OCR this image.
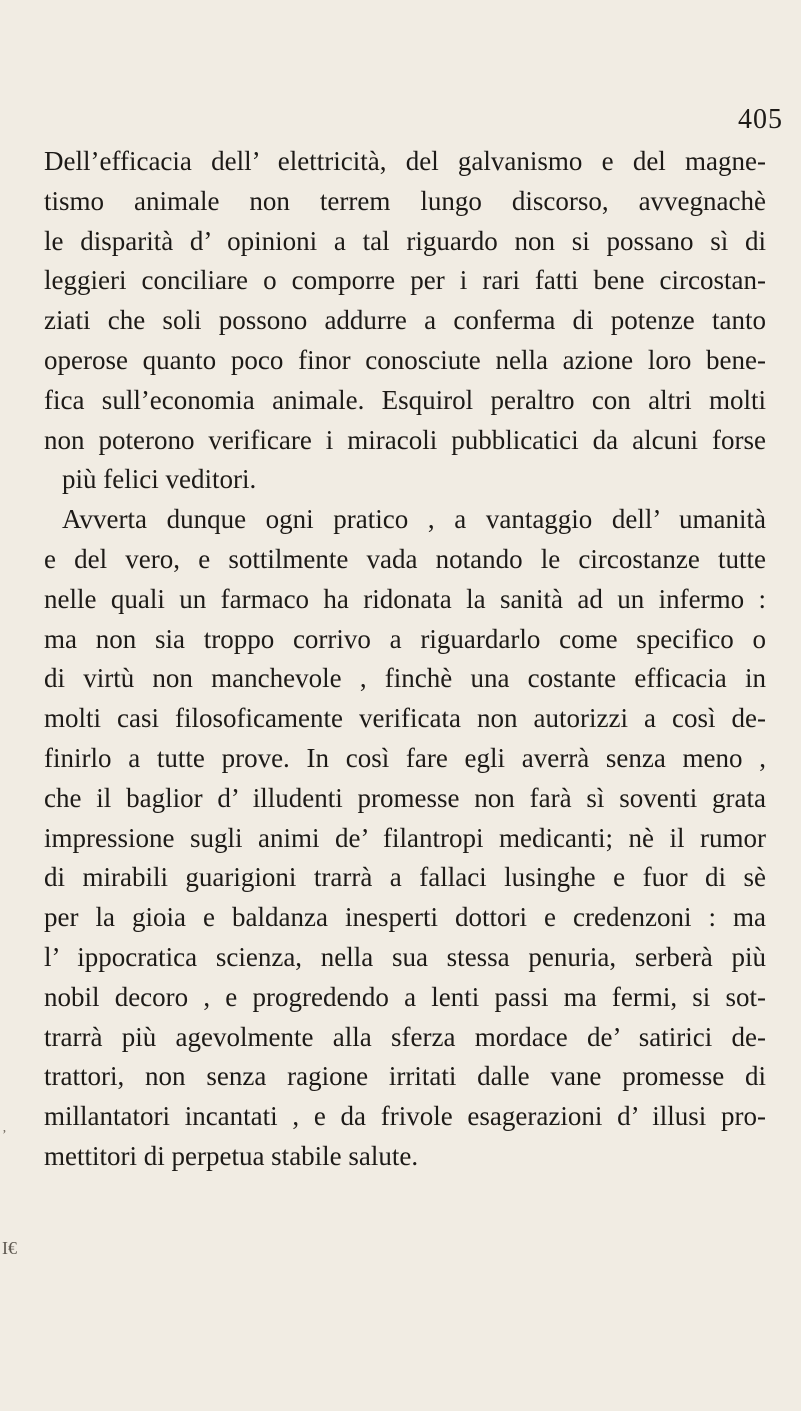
405
Dell’efficacia dell’ elettricità, del galvanismo e del magne-
tismo animale non terrem lungo discorso, avvegnachè
le disparità d’ opinioni a tal riguardo non si possano sì di
leggieri conciliare o comporre per i rari fatti bene circostan-
ziati che soli possono addurre a conferma di potenze tanto
operose quanto poco finor conosciute nella azione loro bene-
fica sull’economia animale. Esquirol peraltro con altri molti
non poterono verificare i miracoli pubblicatici da alcuni forse
più felici veditori.
Avverta dunque ogni pratico , a vantaggio dell’ umanità
e del vero, e sottilmente vada notando le circostanze tutte
nelle quali un farmaco ha ridonata la sanità ad un infermo :
ma non sia troppo corrivo a riguardarlo come specifico o
di virtù non manchevole , finchè una costante efficacia in
molti casi filosoficamente verificata non autorizzi a così de-
finirlo a tutte prove. In così fare egli averrà senza meno ,
che il baglior d’ illudenti promesse non farà sì soventi grata
impressione sugli animi de’ filantropi medicanti; nè il rumor
di mirabili guarigioni trarrà a fallaci lusinghe e fuor di sè
per la gioia e baldanza inesperti dottori e credenzoni : ma
l’ ippocratica scienza, nella sua stessa penuria, serberà più
nobil decoro , e progredendo a lenti passi ma fermi, si sot-
trarrà più agevolmente alla sferza mordace de’ satirici de-
trattori, non senza ragione irritati dalle vane promesse di
millantatori incantati , e da frivole esagerazioni d’ illusi pro-
mettitori di perpetua stabile salute.
’
I€
